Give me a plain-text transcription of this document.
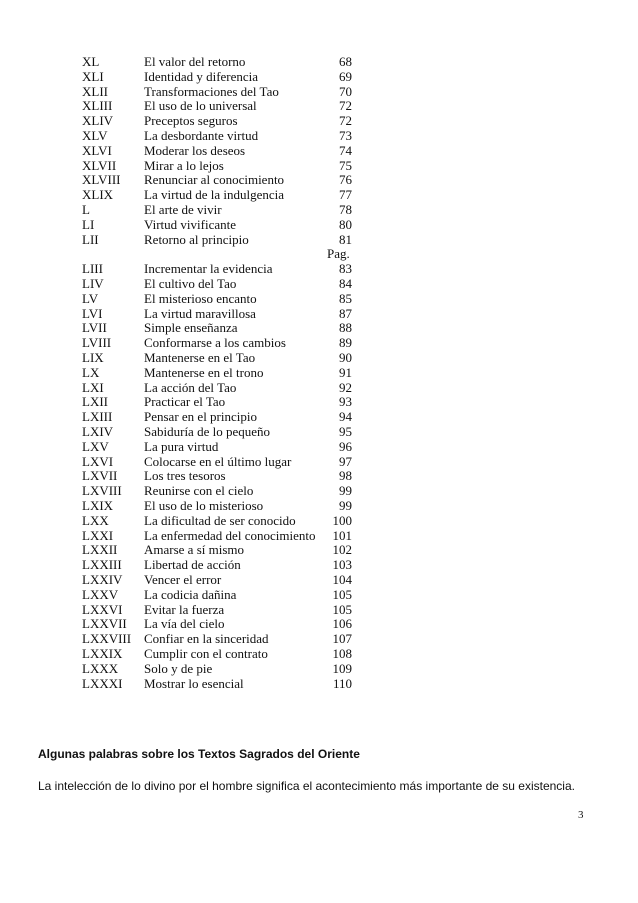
XL	El valor del retorno	68
XLI	Identidad y diferencia	69
XLII	Transformaciones del Tao	70
XLIII El uso de lo universal	72
XLIV Preceptos seguros	72
XLV	La desbordante virtud	73
XLVI Moderar los deseos	74
XLVII Mirar a lo lejos	75
XLVIII Renunciar al conocimiento	76
XLIX La virtud de la indulgencia	77
L	El arte de vivir	78
LI	Virtud vivificante	80
LII	Retorno al principio	81
Pag.
LIII	Incrementar la evidencia	83
LIV	El cultivo del Tao	84
LV	El misterioso encanto	85
LVI	La virtud maravillosa	87
LVII	Simple enseñanza	88
LVIII	Conformarse a los cambios	89
LIX	Mantenerse en el Tao	90
LX	Mantenerse en el trono	91
LXI	La acción del Tao	92
LXII	Practicar el Tao	93
LXIII Pensar en el principio	94
LXIV Sabiduría de lo pequeño	95
LXV	La pura virtud	96
LXVI Colocarse en el último lugar	97
LXVII Los tres tesoros	98
LXVIII Reunirse con el cielo	99
LXIX El uso de lo misterioso	99
LXX	La dificultad de ser conocido	100
LXXI La enfermedad del conocimiento	101
LXXII Amarse a sí mismo	102
LXXIII Libertad de acción	103
LXXIV Vencer el error	104
LXXV La codicia dañina	105
LXXVI Evitar la fuerza	105
LXXVII La vía del cielo	106
LXXVIII Confiar en la sinceridad	107
LXXIX Cumplir con el contrato	108
LXXX Solo y de pie	109
LXXXI Mostrar lo esencial	110
Algunas palabras sobre los Textos Sagrados del Oriente
La intelección de lo divino por el hombre significa el acontecimiento más importante de su existencia.
3
